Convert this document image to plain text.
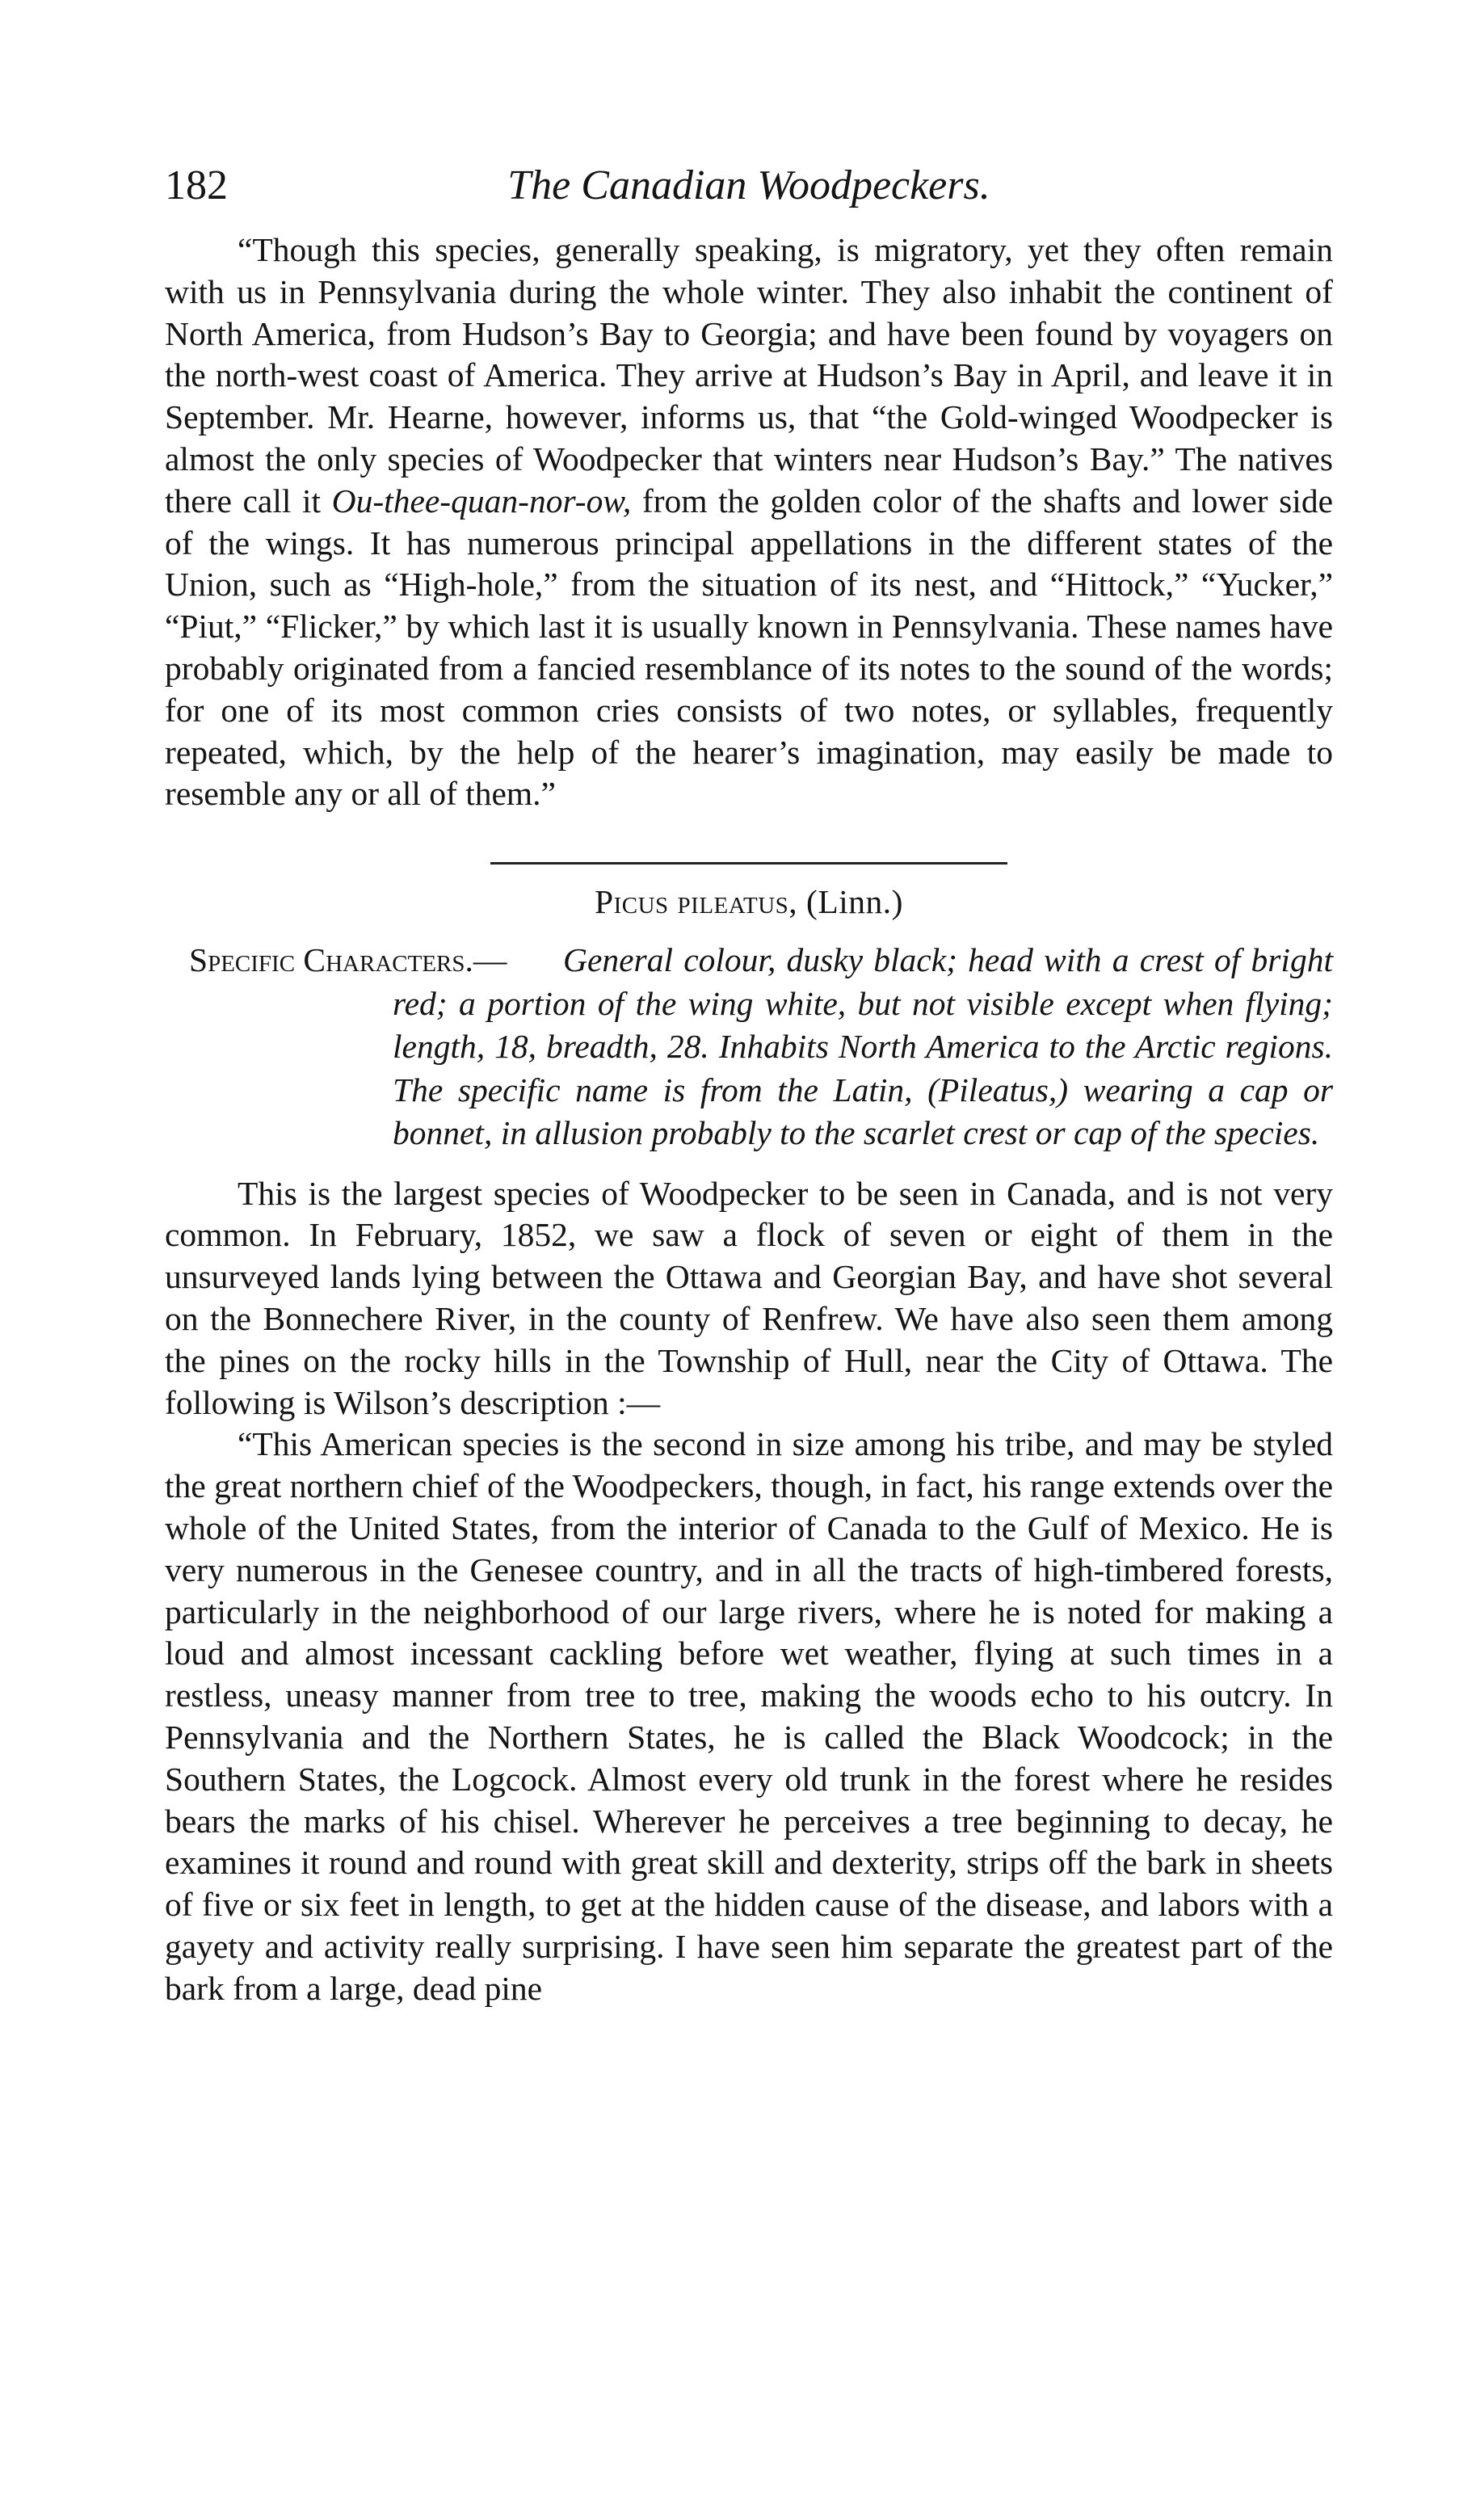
182	The Canadian Woodpeckers.

“Though this species, generally speaking, is migratory, yet they often remain with us in Pennsylvania during the whole winter. They also inhabit the continent of North America, from Hudson’s Bay to Georgia; and have been found by voyagers on the north-west coast of America. They arrive at Hudson’s Bay in April, and leave it in September. Mr. Hearne, however, informs us, that “the Gold-winged Woodpecker is almost the only species of Woodpecker that winters near Hudson’s Bay.” The natives there call it Ou-thee-quan-nor-ow, from the golden color of the shafts and lower side of the wings. It has numerous principal appellations in the different states of the Union, such as “High-hole,” from the situation of its nest, and “Hittock,” “Yucker,” “Piut,” “Flicker,” by which last it is usually known in Pennsylvania. These names have probably originated from a fancied resemblance of its notes to the sound of the words; for one of its most common cries consists of two notes, or syllables, frequently repeated, which, by the help of the hearer’s imagination, may easily be made to resemble any or all of them.”

Picus pileatus, (Linn.)
Specific Characters.—	General colour, dusky black; head with a crest of bright red; a portion of the wing white, but not visible except when flying; length, 18, breadth, 28. Inhabits North America to the Arctic regions. The specific name is from the Latin, (Pileatus,) wearing a cap or bonnet, in allusion probably to the scarlet crest or cap of the species.

This is the largest species of Woodpecker to be seen in Canada, and is not very common. In February, 1852, we saw a flock of seven or eight of them in the unsurveyed lands lying between the Ottawa and Georgian Bay, and have shot several on the Bonnechere River, in the county of Renfrew. We have also seen them among the pines on the rocky hills in the Township of Hull, near the City of Ottawa. The following is Wilson’s description :—

“This American species is the second in size among his tribe, and may be styled the great northern chief of the Woodpeckers, though, in fact, his range extends over the whole of the United States, from the interior of Canada to the Gulf of Mexico. He is very numerous in the Genesee country, and in all the tracts of high-timbered forests, particularly in the neighborhood of our large rivers, where he is noted for making a loud and almost incessant cackling before wet weather, flying at such times in a restless, uneasy manner from tree to tree, making the woods echo to his outcry. In Pennsylvania and the Northern States, he is called the Black Woodcock; in the Southern States, the Logcock. Almost every old trunk in the forest where he resides bears the marks of his chisel. Wherever he perceives a tree beginning to decay, he examines it round and round with great skill and dexterity, strips off the bark in sheets of five or six feet in length, to get at the hidden cause of the disease, and labors with a gayety and activity really surprising. I have seen him separate the greatest part of the bark from a large, dead pine
